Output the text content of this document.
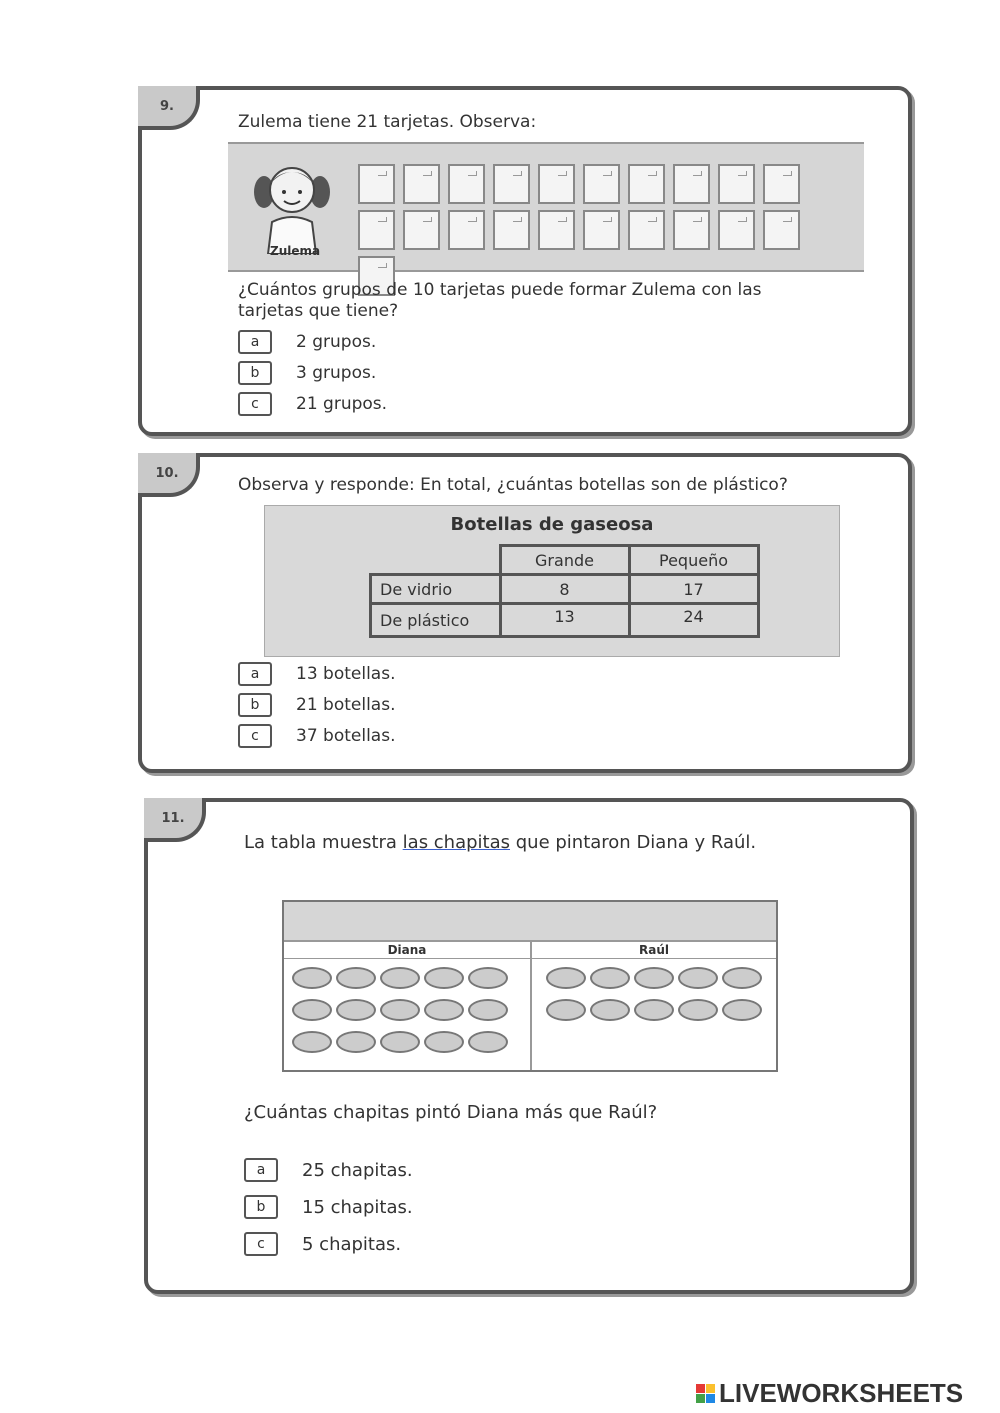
9.
Zulema tiene 21 tarjetas. Observa:
Zulema
¿Cuántos grupos de 10 tarjetas puede formar Zulema con las
tarjetas que tiene?
a	2 grupos.
b	3 grupos.
c	21 grupos.
10.
Observa y responde: En total, ¿cuántas botellas son de plástico?
Botellas de gaseosa
	Grande	Pequeño
De vidrio	8	17
De plástico	13	24
a	13 botellas.
b	21 botellas.
c	37 botellas.
11.
La tabla muestra las chapitas que pintaron Diana y Raúl.
Diana	Raúl
¿Cuántas chapitas pintó Diana más que Raúl?
a	25 chapitas.
b	15 chapitas.
c	5 chapitas.
LIVEWORKSHEETS
